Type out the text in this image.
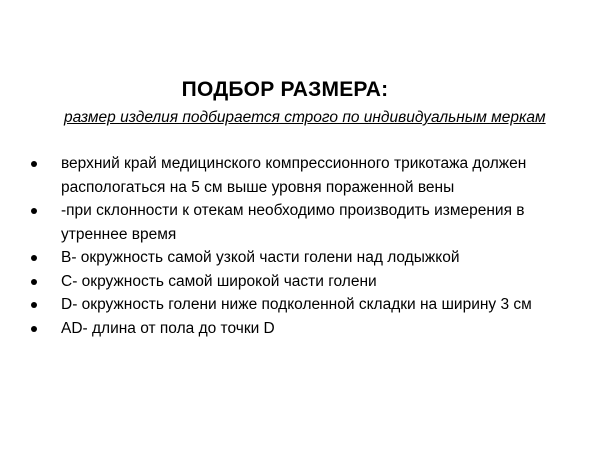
ПОДБОР РАЗМЕРА:
размер изделия подбирается строго по индивидуальным меркам
верхний край медицинского компрессионного трикотажа должен распологаться на 5 см выше уровня пораженной вены
-при склонности к отекам необходимо производить измерения в утреннее время
В- окружность самой узкой части голени над лодыжкой
С- окружность самой широкой части голени
D- окружность голени ниже подколенной складки на ширину 3 см
AD- длина от пола до точки D
